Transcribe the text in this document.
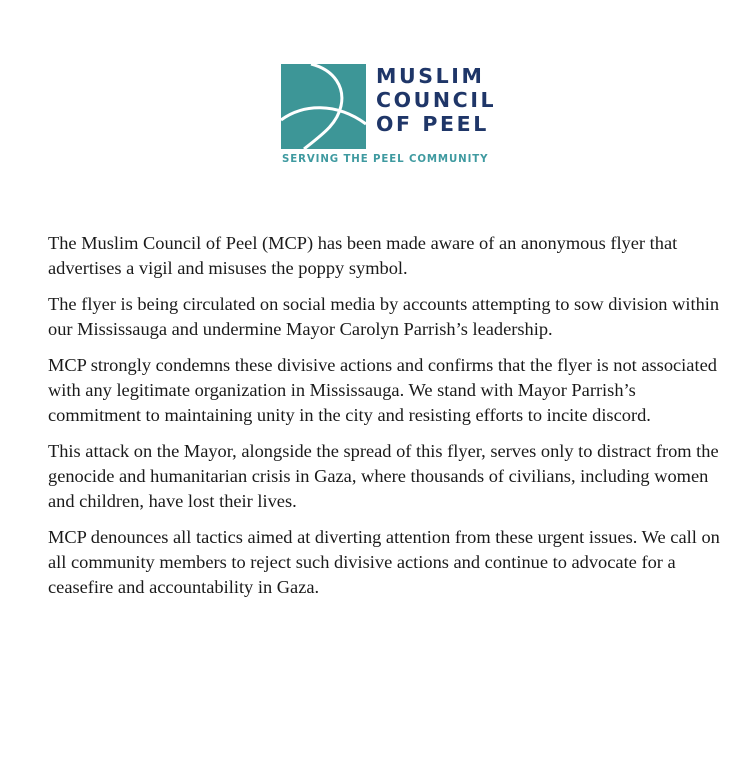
MUSLIM
COUNCIL
OF PEEL
SERVING THE PEEL COMMUNITY

The Muslim Council of Peel (MCP) has been made aware of an anonymous flyer that advertises a vigil and misuses the poppy symbol.

The flyer is being circulated on social media by accounts attempting to sow division within our Mississauga and undermine Mayor Carolyn Parrish’s leadership.

MCP strongly condemns these divisive actions and confirms that the flyer is not associated with any legitimate organization in Mississauga. We stand with Mayor Parrish’s commitment to maintaining unity in the city and resisting efforts to incite discord.

This attack on the Mayor, alongside the spread of this flyer, serves only to distract from the genocide and humanitarian crisis in Gaza, where thousands of civilians, including women and children, have lost their lives.

MCP denounces all tactics aimed at diverting attention from these urgent issues. We call on all community members to reject such divisive actions and continue to advocate for a ceasefire and accountability in Gaza.
